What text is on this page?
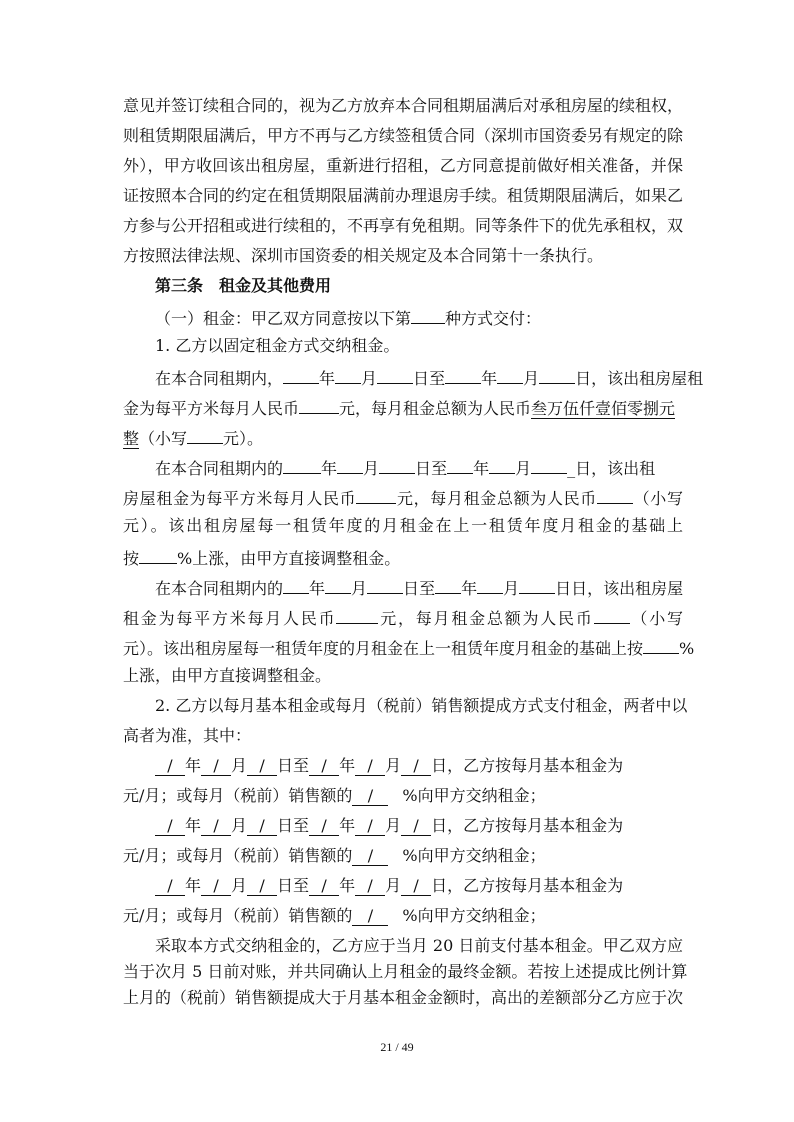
意见并签订续租合同的，视为乙方放弃本合同租期届满后对承租房屋的续租权，
则租赁期限届满后，甲方不再与乙方续签租赁合同（深圳市国资委另有规定的除
外），甲方收回该出租房屋，重新进行招租，乙方同意提前做好相关准备，并保
证按照本合同的约定在租赁期限届满前办理退房手续。租赁期限届满后，如果乙
方参与公开招租或进行续租的，不再享有免租期。同等条件下的优先承租权，双
方按照法律法规、深圳市国资委的相关规定及本合同第十一条执行。
第三条　租金及其他费用
（一）租金：甲乙双方同意按以下第 种方式交付：
1. 乙方以固定租金方式交纳租金。
在本合同租期内， 年 月 日至 年 月 日，该出租房屋租
金为每平方米每月人民币	元，每月租金总额为人民币叁万伍仟壹佰零捌元
整（小写 元）。
在本合同租期内的 年 月 日至 年 月 _日，该出租
房屋租金为每平方米每月人民币	元，每月租金总额为人民币 （小写
元）。该出租房屋每一租赁年度的月租金在上一租赁年度月租金的基础上
按 %上涨，由甲方直接调整租金。
在本合同租期内的 年 月 日至 年 月 日日，该出租房屋
租金为每平方米每月人民币	元，每月租金总额为人民币 （小写
元）。该出租房屋每一租赁年度的月租金在上一租赁年度月租金的基础上按 %
上涨，由甲方直接调整租金。
2. 乙方以每月基本租金或每月（税前）销售额提成方式支付租金，两者中以
高者为准，其中：
/ 年 / 月 / 日至 / 年 / 月 / 日，乙方按每月基本租金为
元/月；或每月（税前）销售额的 / %向甲方交纳租金；
/ 年 / 月 / 日至 / 年 / 月 / 日，乙方按每月基本租金为
元/月；或每月（税前）销售额的 / %向甲方交纳租金；
/ 年 / 月 / 日至 / 年 / 月 / 日，乙方按每月基本租金为
元/月；或每月（税前）销售额的 / %向甲方交纳租金；
采取本方式交纳租金的，乙方应于当月 20 日前支付基本租金。甲乙双方应
当于次月 5 日前对账，并共同确认上月租金的最终金额。若按上述提成比例计算
上月的（税前）销售额提成大于月基本租金金额时，高出的差额部分乙方应于次
21 / 49
